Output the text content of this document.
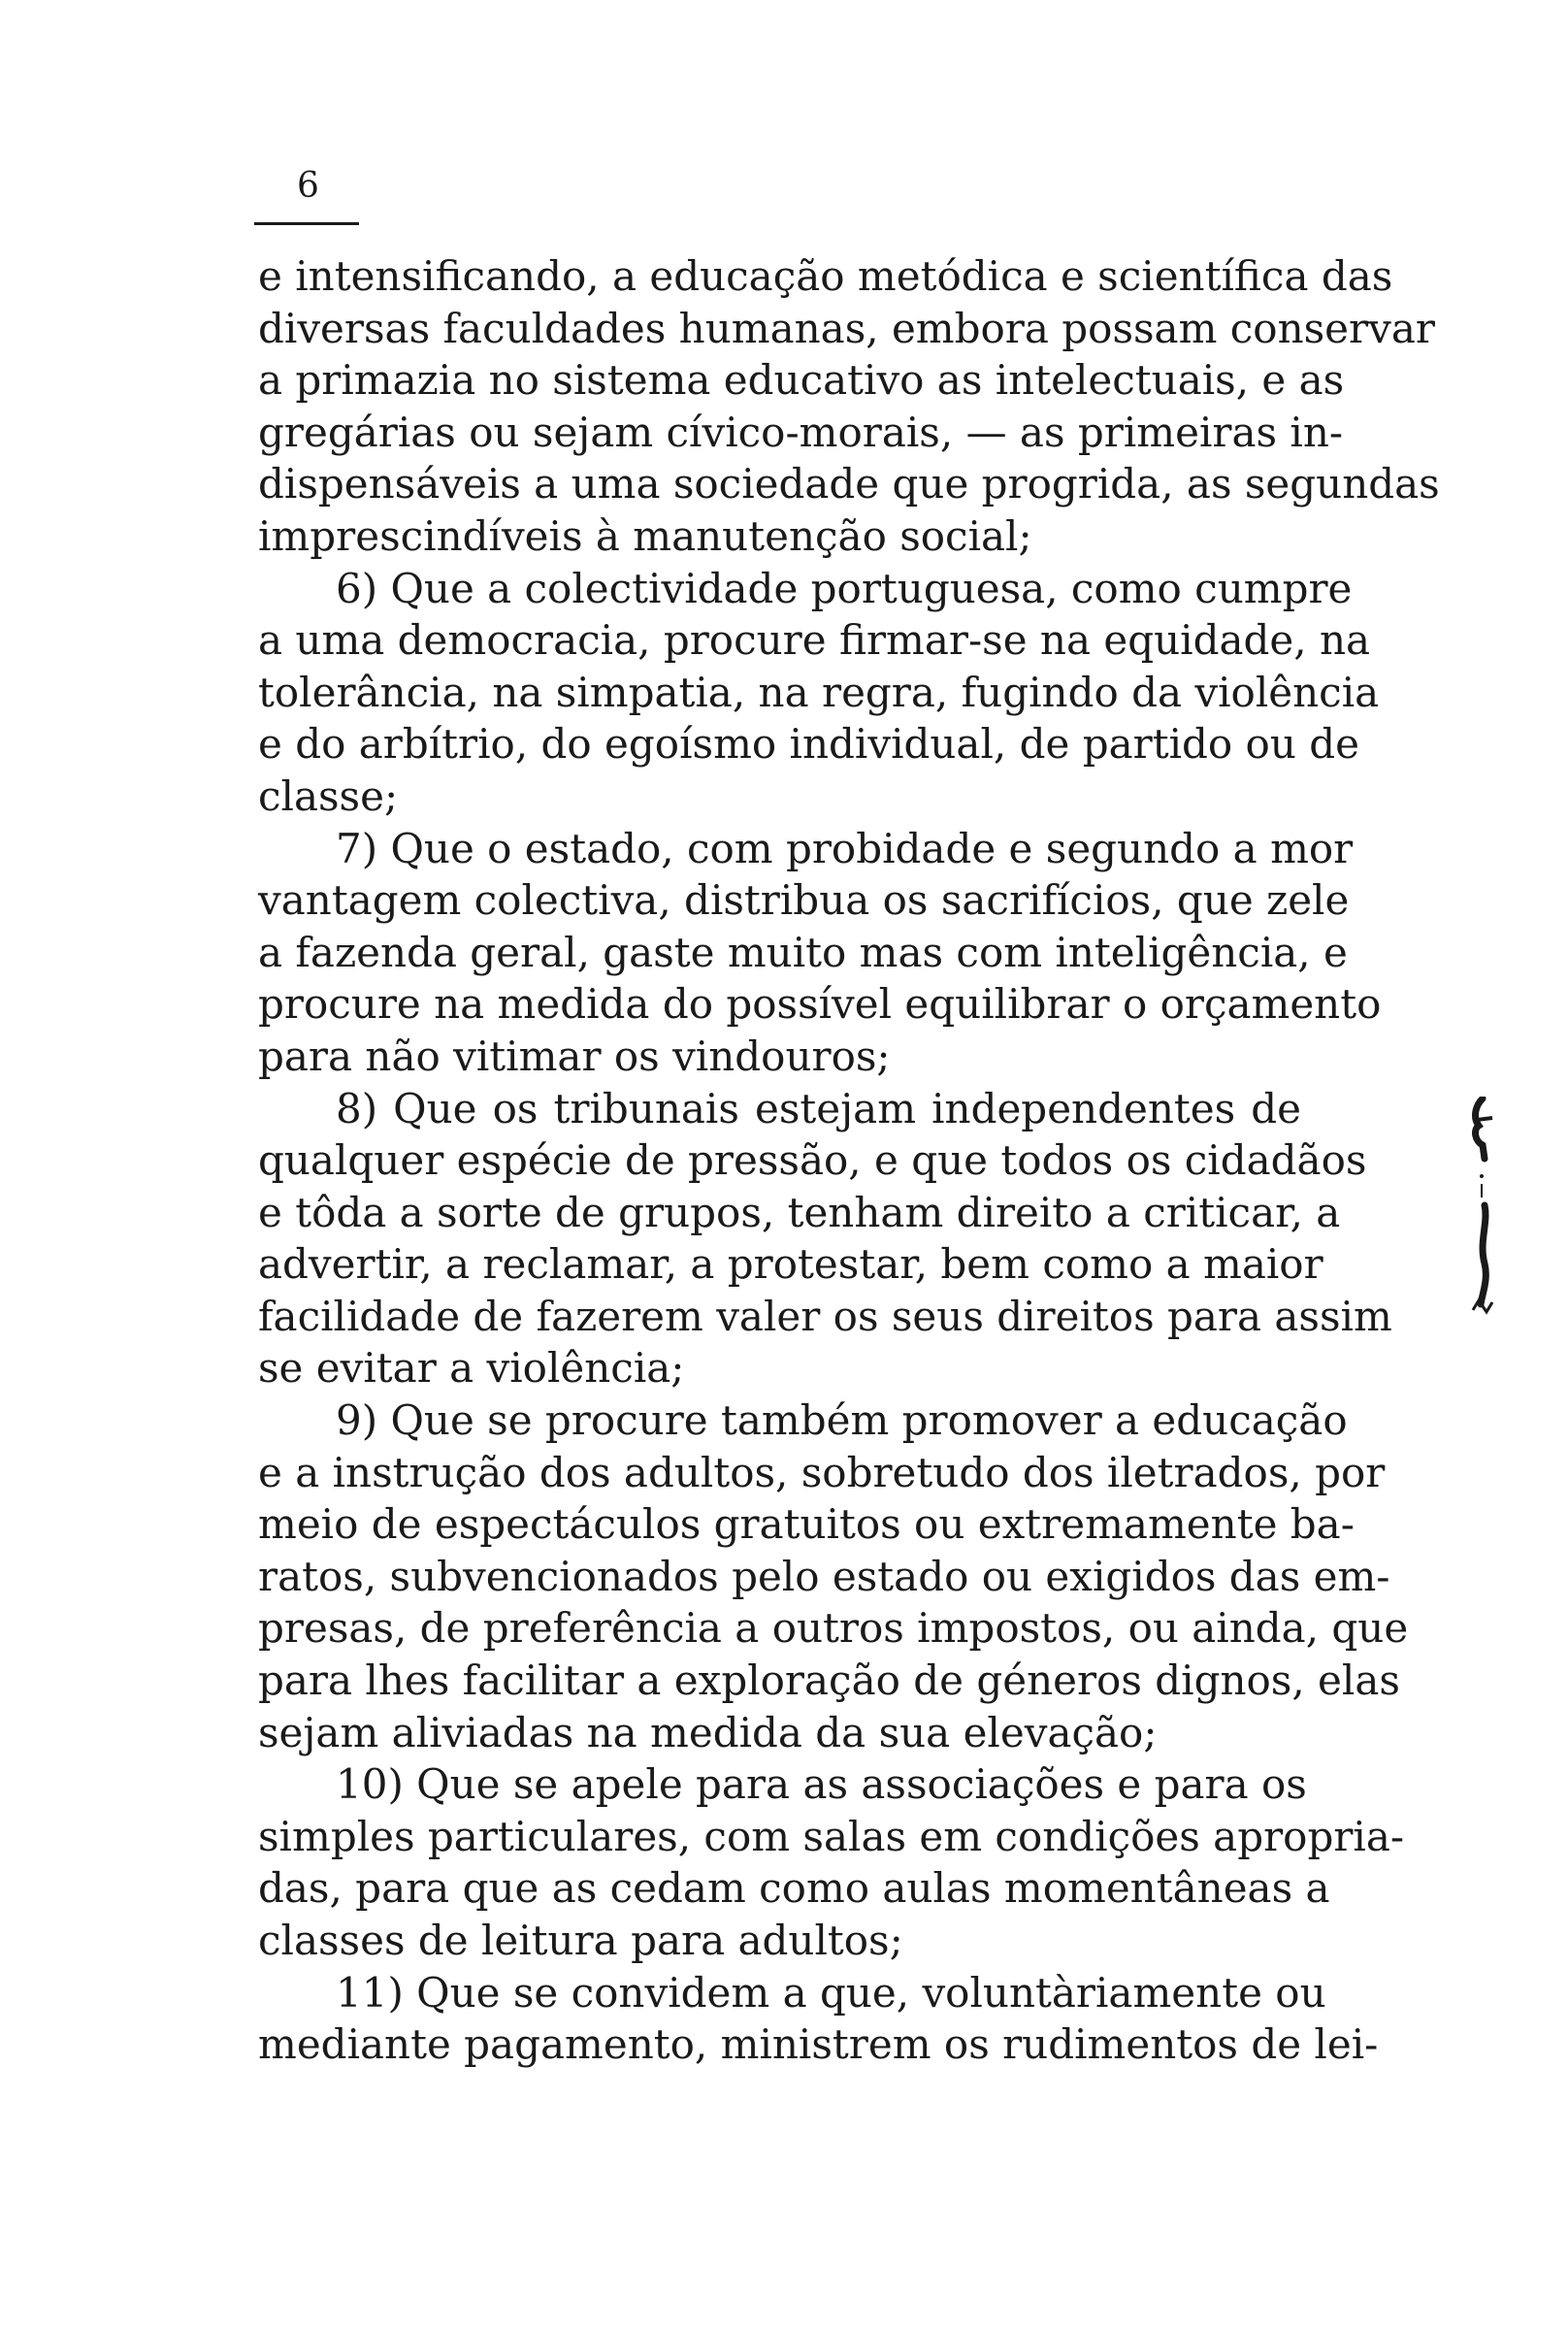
6
e intensificando, a educação metódica e scientífica das
diversas faculdades humanas, embora possam conservar
a primazia no sistema educativo as intelectuais, e as
gregárias ou sejam cívico-morais, — as primeiras in-
dispensáveis a uma sociedade que progrida, as segundas
imprescindíveis à manutenção social;
6) Que a colectividade portuguesa, como cumpre
a uma democracia, procure firmar-se na equidade, na
tolerância, na simpatia, na regra, fugindo da violência
e do arbítrio, do egoísmo individual, de partido ou de
classe;
7) Que o estado, com probidade e segundo a mor
vantagem colectiva, distribua os sacrifícios, que zele
a fazenda geral, gaste muito mas com inteligência, e
procure na medida do possível equilibrar o orçamento
para não vitimar os vindouros;
8) Que os tribunais estejam independentes de
qualquer espécie de pressão, e que todos os cidadãos
e tôda a sorte de grupos, tenham direito a criticar, a
advertir, a reclamar, a protestar, bem como a maior
facilidade de fazerem valer os seus direitos para assim
se evitar a violência;
9) Que se procure também promover a educação
e a instrução dos adultos, sobretudo dos iletrados, por
meio de espectáculos gratuitos ou extremamente ba-
ratos, subvencionados pelo estado ou exigidos das em-
presas, de preferência a outros impostos, ou ainda, que
para lhes facilitar a exploração de géneros dignos, elas
sejam aliviadas na medida da sua elevação;
10) Que se apele para as associações e para os
simples particulares, com salas em condições apropria-
das, para que as cedam como aulas momentâneas a
classes de leitura para adultos;
11) Que se convidem a que, voluntàriamente ou
mediante pagamento, ministrem os rudimentos de lei-
